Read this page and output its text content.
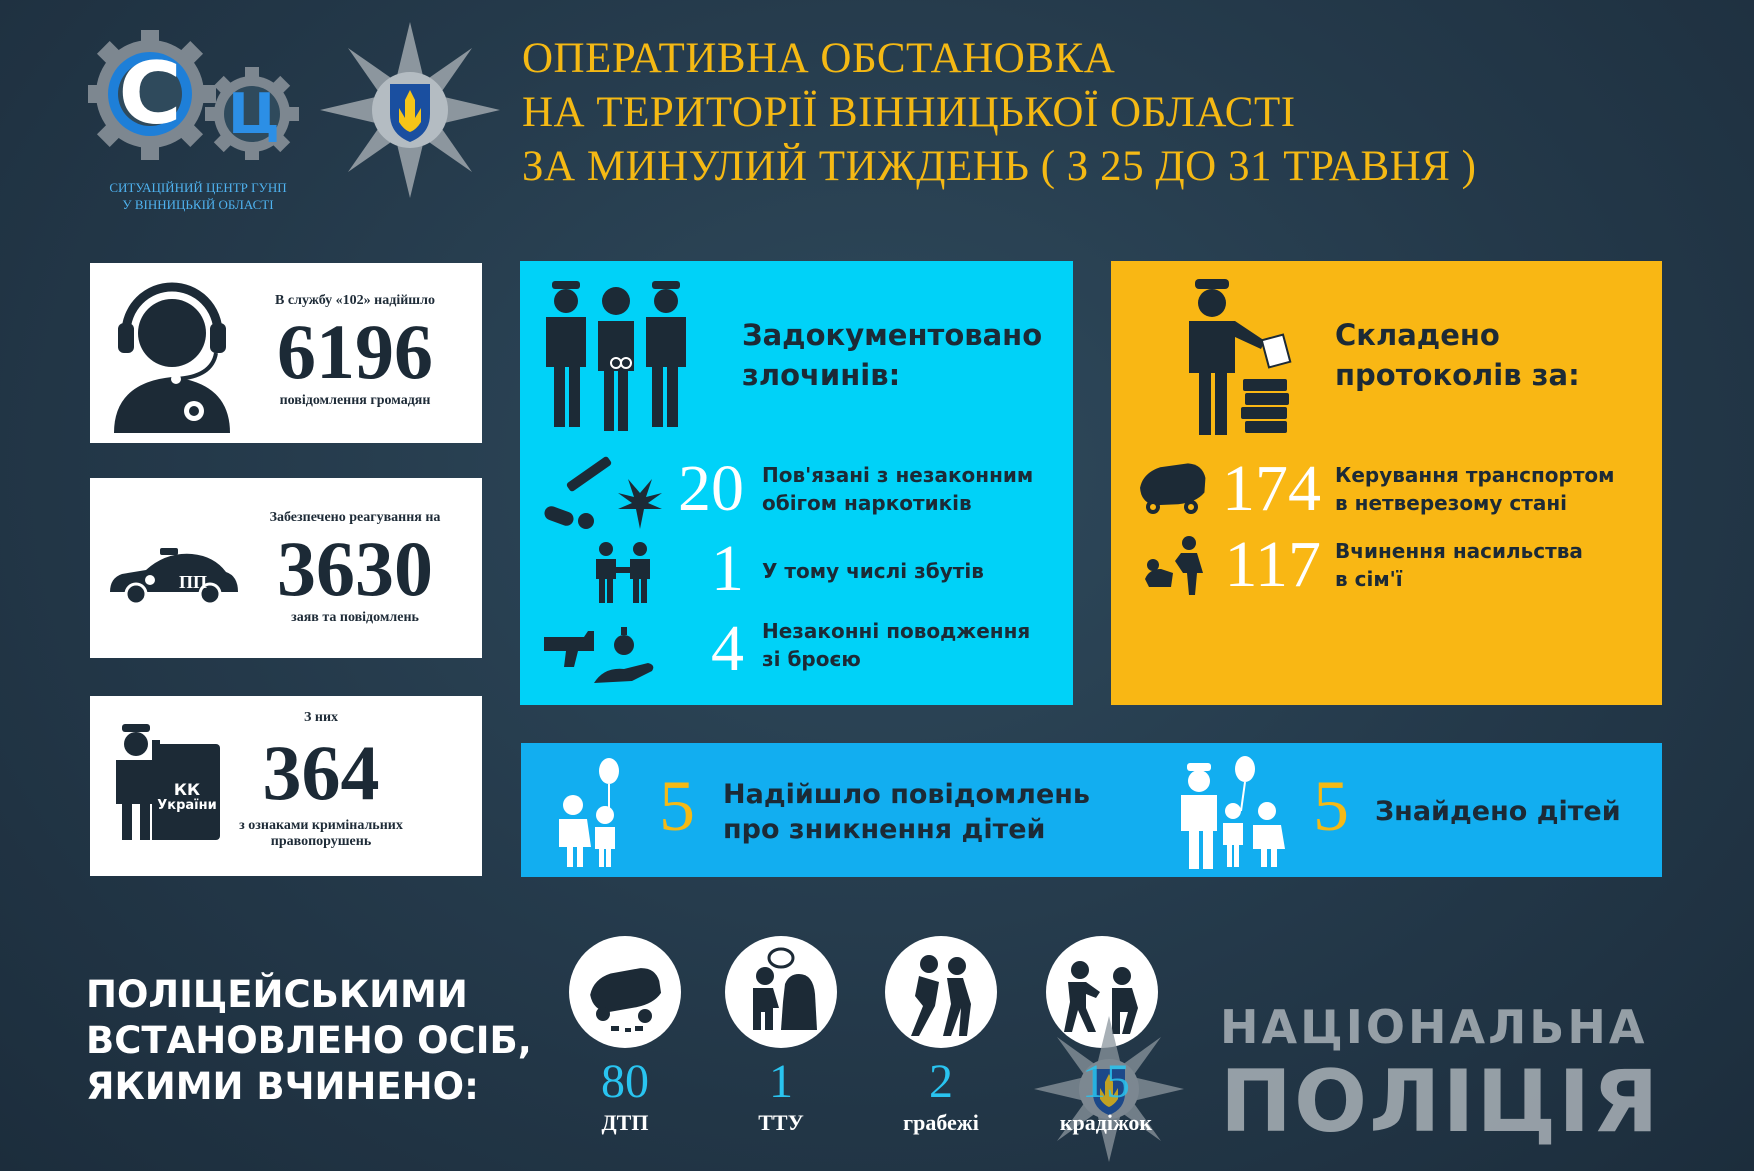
С Ц
СИТУАЦІЙНИЙ ЦЕНТР ГУНП
У ВІННИЦЬКІЙ ОБЛАСТІ
ОПЕРАТИВНА ОБСТАНОВКА
НА ТЕРИТОРІЇ ВІННИЦЬКОЇ ОБЛАСТІ
ЗА МИНУЛИЙ ТИЖДЕНЬ ( З 25 ДО 31 ТРАВНЯ )
В службу «102» надійшло
6196
повідомлення громадян
ПП
Забезпечено реагування на
3630
заяв та повідомлень
КК
України
З них
364
з ознаками кримінальних
правопорушень
Задокументовано
злочинів:
20 Пов'язані з незаконним
обігом наркотиків
1 У тому числі збутів
4 Незаконні поводження
зі броєю
Складено
протоколів за:
174 Керування транспортом
в нетверезому стані
117 Вчинення насильства
в сім'ї
5 Надійшло повідомлень
про зникнення дітей	5 Знайдено дітей
ПОЛІЦЕЙСЬКИМИ
ВСТАНОВЛЕНО ОСІБ,
ЯКИМИ ВЧИНЕНО:	80
ДТП
1
ТТУ
2
грабежі
15
крадіжок
НАЦІОНАЛЬНА
ПОЛІЦІЯ
